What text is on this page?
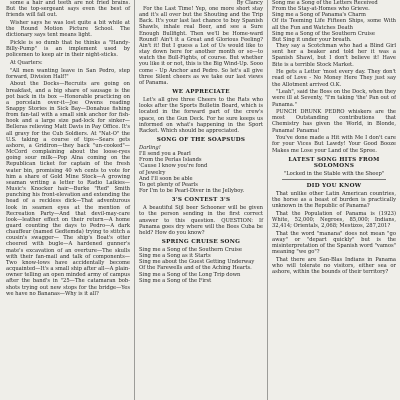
some a hair and teeth are not fried brains. But the top-sergeant says even the best of friends will fall out.

Wisher says he was lost quite a bit while at the Round Motion Picture School. The dictionary says tent means light.

Pickle is so dumb that he thinks a "Handy-Billy-Pump" is an implement used by policemen to keep air in their night-sticks.

At Quarters:

"All men wanting leave in San Pedro, step forward, Division Half!"

About the Docks—Recruits are going on breakfast, and a big share of sausage is the pot back in its box —Honorable practicing on a porcelain over-it—Joe Owens reading Snappy Stories in Sick Bay—Donahue fishing from fan-tail with a small sink anchor for fish-hook and a large size pad-lock for sinker—Belleras relieving Matt Davis in Pay Office. It's all gravy for the Cub Soldiers. At "Nat-O" the U.S. taking a course of tips—Sears gets ashore, a Gridiron—they back "un-cooked"—McCord complaining about the loose-ryes going sour milk—Pop Alna coming on the Republican ticket for captain of the fresh water bin, promising 40 wh cents to vote for him a share of Gold Mine Stock—A growing seaman writing a letter to Radio Laikies—Music's Knocker hair—Burke "Red" Smith punching his front-elevation and extending the head of a reckless dick—That adventurous look in seamen eyes at the mention of Recreation Party—And that devil-may-care look—leather effect on their return—A home guard counting the days to Pedro—A dark chauffeur (named Gedtemda) trying to stitch a cousin's swagger— The ship's Boat's otter cheered with bugle—A hardened gunner's mate's excavation of an overture—The skulls with their fan-mail and talk of components—Two know-lows have accidentally become acquainted—It's a small ship after all—A plain-owner telling an open minded army of campus after the band's in "25—The catamaran bob-shots trying out new stops for the bridge—Yes we have no Bananas—Why is it all?

By Clancy

For the Last Time! Yep, one more short stay and it's all over but the Shouting and the Trip Back. It's your last last chance to buy Spanish Shawls, inhale real Beer, and see a Sure Enough Bullfight. Then we'll be Home-ward Round! Ain't it a Great and Glorious Feeling? Ain't it! But I guess a Lot of Us would like to stay down here for another month or so—to watch the Bull-Fights, of course. But whether you like it or not, this is the Big Wind-Up. Sooo come - Up Anchor and Pedro. So let's all give three Silent cheers as we take our last views of Panama.

WE APPRECIATE

Let's all give three Cheers to the Rats who looks after the Sports Bulletin Board, which is located in the forward part of the crew's space, on the Gun Deck. For he sure keeps us informed on what's happening in the Sport Racket. Which should be appreciated.

SONG OF THE SOAPSUDS

Darling!

I'll send you a Pearl

From the Perlas Islands

'Cause I know you're fond

of Jewelry

And I'll soon be able

To get plenty of Pearls

For I'm to be Pearl-Diver in the Jellyboy.

3'S CONTEST 3'S

A beautiful Sijl beer Schooner will be given to the person sending in the first correct answer to this question. QUESTION: If Panama goes dry where will the Bees Cuba be held? How do you know?

SPRING CRUISE SONG

Sing me a Song of the Southern Cruise

Sing me a Song as it Starts

Sing me about the Guest Getting Underway

Of the Farewells and of the Aching Hearts.

Sing me a Song of the Long Trip down

Sing me a Song of the First

Song me a Song of the Letters Received

From the Stay-at-Homes who Grieve.

Sing me a Song of Panama's Charm

Of its Teeming Life Fifteen Ships, some With all the Fun and Watches Death

Sing me a Song of the Southern Cruise

But Sing it under your breath.

They say a Scotchman who had a Blind Girl sent her a beaker and told her it was a Spanish Shawl, but I don't believe it! Have Bite is a terrible Stock Market.

He gets a Letter 'most every day. They don't read of Love - No Money Here They just say the Allotment arrived O.K.

"Leah", said the Boss on the Dock, when they were ill at Seventy, "I'm taking 'the' Pan out of Panama."

PUNCH DRUNK PEDRO whiskers are the most Outstanding contributions that Chemistry has given the World, in Blonde, Panama! Panama!

You've done made a Hit with Me I don't care for your Vices But Lawdy! Your Good Booze Makes me Lose your Land of the Spree.

LATEST SONG HITS FROM SOLOMONS
"Locked in the Stable with the Sheep"
DID YOU KNOW

That unlike other Latin American countries, the horse as a beast of burden is practically unknown in the Republic of Panama?

That the Population of Panama is (1923) White, 52,000; Negroes, 85,000; Indians, 32,414; Orientals, 2,068; Mestizos, 287,201?

That the word "manana" does not mean "go away" or "depart quickly" but is the misinterpretation of the Spanish word "vamos" meaning "we go"?

That there are San-Blas Indians in Panama who will tolerate no visitors, either sea or ashore, within the bounds of their territory?
